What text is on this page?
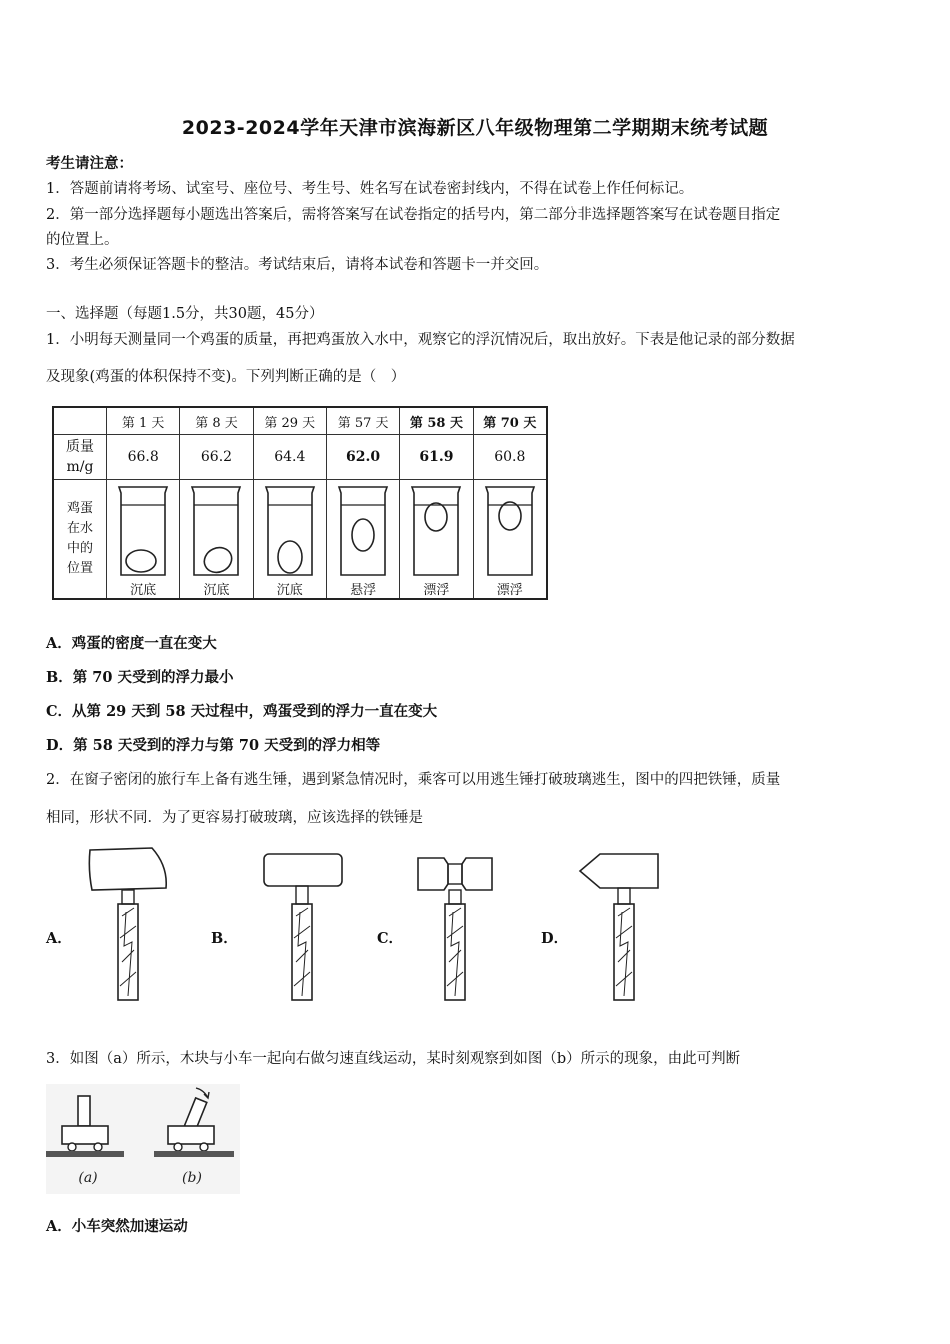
2023-2024学年天津市滨海新区八年级物理第二学期期末统考试题
考生请注意：
1．答题前请将考场、试室号、座位号、考生号、姓名写在试卷密封线内，不得在试卷上作任何标记。
2．第一部分选择题每小题选出答案后，需将答案写在试卷指定的括号内，第二部分非选择题答案写在试卷题目指定
的位置上。
3．考生必须保证答题卡的整洁。考试结束后，请将本试卷和答题卡一并交回。
一、选择题（每题1.5分，共30题，45分）
1．小明每天测量同一个鸡蛋的质量，再把鸡蛋放入水中，观察它的浮沉情况后，取出放好。下表是他记录的部分数据
及现象(鸡蛋的体积保持不变)。下列判断正确的是（　）
	第 1 天	第 8 天	第 29 天	第 57 天	第 58 天	第 70 天

质量
m/g	66.8	66.2	64.4	62.0	61.9	60.8

鸡蛋
在水
中的
位置	沉底	沉底	沉底	悬浮	漂浮	漂浮
A．鸡蛋的密度一直在变大
B．第 70 天受到的浮力最小
C．从第 29 天到 58 天过程中，鸡蛋受到的浮力一直在变大
D．第 58 天受到的浮力与第 70 天受到的浮力相等
2．在窗子密闭的旅行车上备有逃生锤，遇到紧急情况时，乘客可以用逃生锤打破玻璃逃生，图中的四把铁锤，质量
相同，形状不同．为了更容易打破玻璃，应该选择的铁锤是
A．	B．	C．	D．
3．如图（a）所示，木块与小车一起向右做匀速直线运动，某时刻观察到如图（b）所示的现象，由此可判断
(a)	(b)
A．小车突然加速运动
